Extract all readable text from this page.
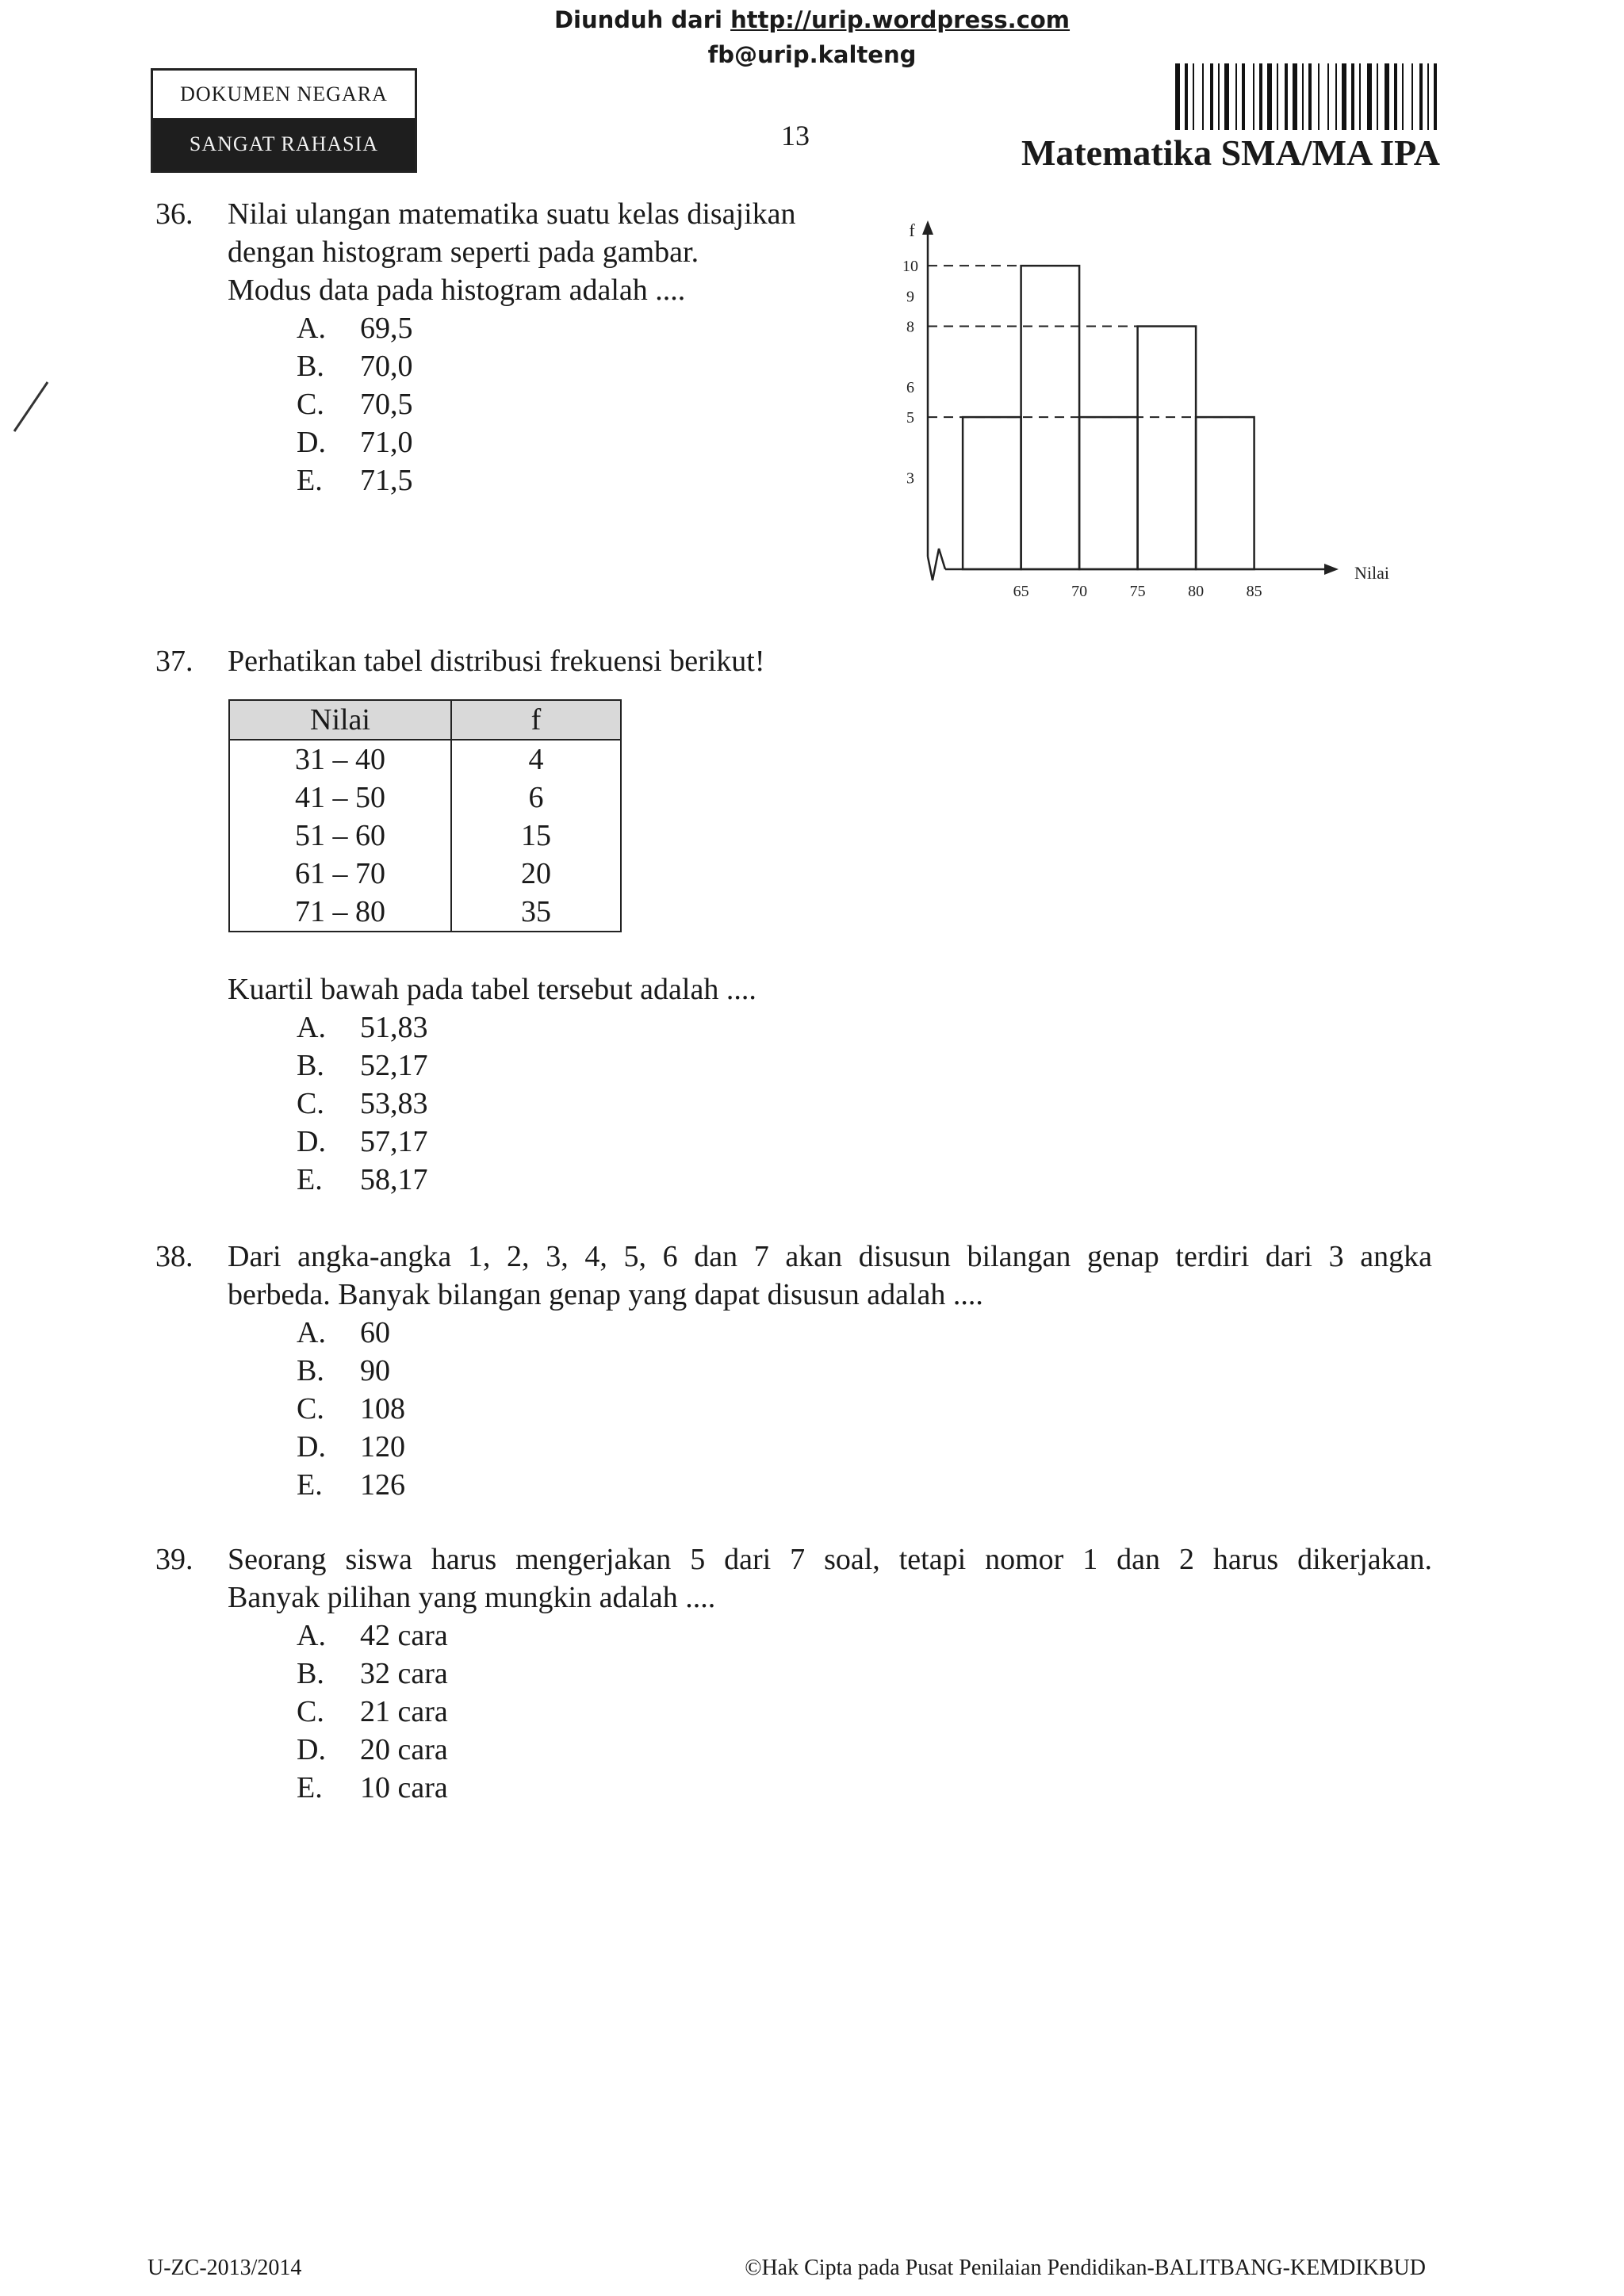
Diunduh dari http://urip.wordpress.com
fb@urip.kalteng
DOKUMEN NEGARA
SANGAT RAHASIA	13	Matematika SMA/MA IPA
36. Nilai ulangan matematika suatu kelas disajikan
dengan histogram seperti pada gambar.
Modus data pada histogram adalah ....
A. 69,5
B. 70,0
C. 70,5
D. 71,0
E. 71,5
65	70	75	80	85
3
5
6
8
9
10
f
Nilai
37. Perhatikan tabel distribusi frekuensi berikut!
Nilai	f
31 – 40	4
41 – 50	6
51 – 60	15
61 – 70	20
71 – 80	35
Kuartil bawah pada tabel tersebut adalah ....
A. 51,83
B. 52,17
C. 53,83
D. 57,17
E. 58,17
38. Dari angka-angka 1, 2, 3, 4, 5, 6 dan 7 akan disusun bilangan genap terdiri dari 3 angka
berbeda. Banyak bilangan genap yang dapat disusun adalah ....
A. 60
B. 90
C. 108
D. 120
E. 126
39. Seorang siswa harus mengerjakan 5 dari 7 soal, tetapi nomor 1 dan 2 harus dikerjakan.
Banyak pilihan yang mungkin adalah ....
A. 42 cara
B. 32 cara
C. 21 cara
D. 20 cara
E. 10 cara
U-ZC-2013/2014	©Hak Cipta pada Pusat Penilaian Pendidikan-BALITBANG-KEMDIKBUD
